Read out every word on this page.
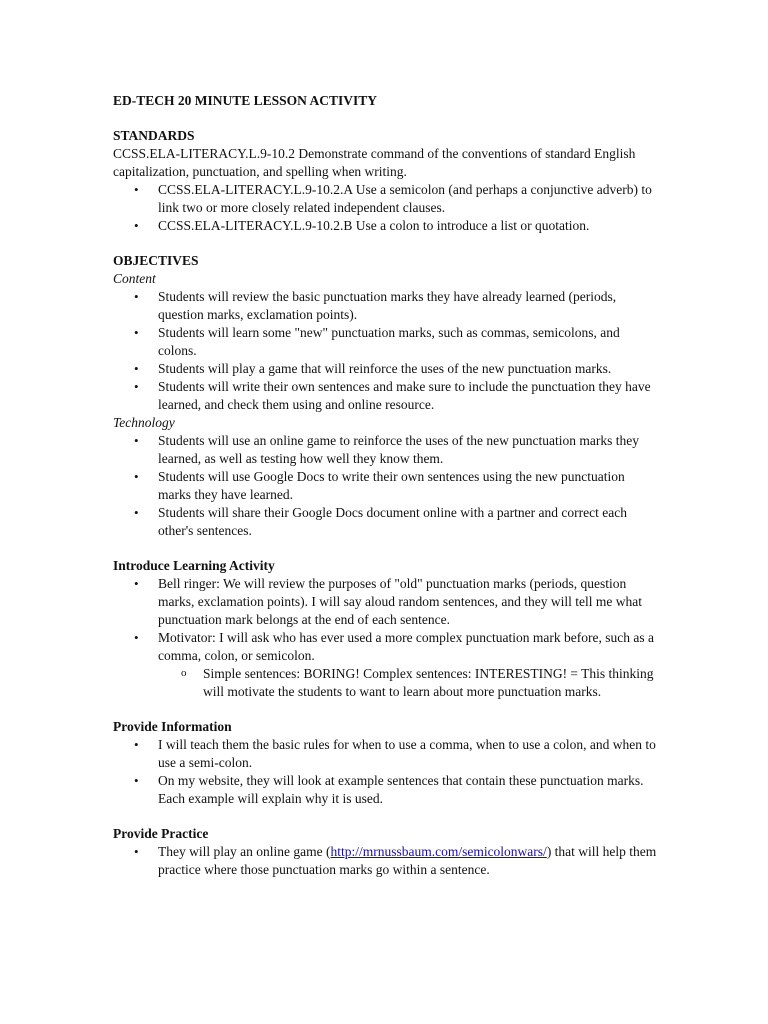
ED-TECH 20 MINUTE LESSON ACTIVITY
STANDARDS
CCSS.ELA-LITERACY.L.9-10.2 Demonstrate command of the conventions of standard English capitalization, punctuation, and spelling when writing.
• CCSS.ELA-LITERACY.L.9-10.2.A Use a semicolon (and perhaps a conjunctive adverb) to link two or more closely related independent clauses.
• CCSS.ELA-LITERACY.L.9-10.2.B Use a colon to introduce a list or quotation.
OBJECTIVES
Content
• Students will review the basic punctuation marks they have already learned (periods, question marks, exclamation points).
• Students will learn some "new" punctuation marks, such as commas, semicolons, and colons.
• Students will play a game that will reinforce the uses of the new punctuation marks.
• Students will write their own sentences and make sure to include the punctuation they have learned, and check them using and online resource.
Technology
• Students will use an online game to reinforce the uses of the new punctuation marks they learned, as well as testing how well they know them.
• Students will use Google Docs to write their own sentences using the new punctuation marks they have learned.
• Students will share their Google Docs document online with a partner and correct each other's sentences.
Introduce Learning Activity
• Bell ringer: We will review the purposes of "old" punctuation marks (periods, question marks, exclamation points). I will say aloud random sentences, and they will tell me what punctuation mark belongs at the end of each sentence.
• Motivator: I will ask who has ever used a more complex punctuation mark before, such as a comma, colon, or semicolon.
o Simple sentences: BORING! Complex sentences: INTERESTING! = This thinking will motivate the students to want to learn about more punctuation marks.
Provide Information
• I will teach them the basic rules for when to use a comma, when to use a colon, and when to use a semi-colon.
• On my website, they will look at example sentences that contain these punctuation marks. Each example will explain why it is used.
Provide Practice
• They will play an online game (http://mrnussbaum.com/semicolonwars/) that will help them practice where those punctuation marks go within a sentence.
